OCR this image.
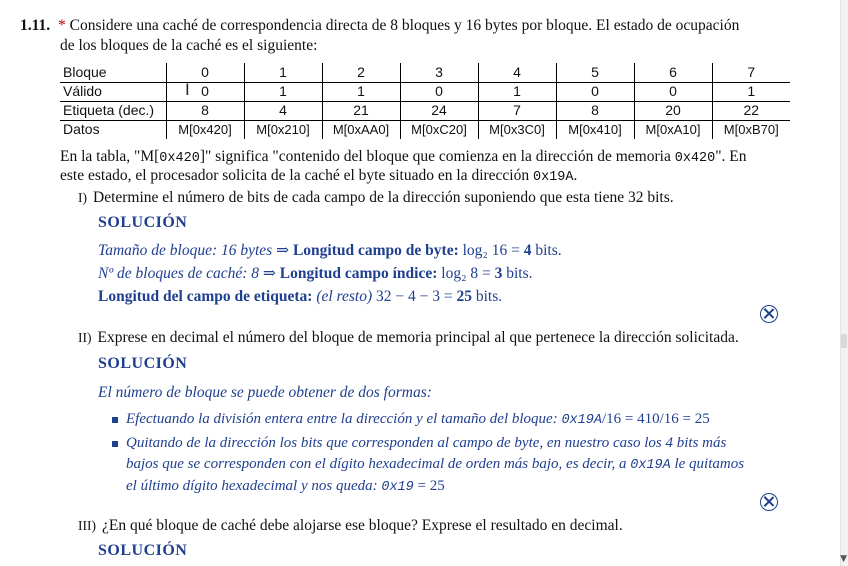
▼
1.11. * Considere una caché de correspondencia directa de 8 bloques y 16 bytes por bloque. El estado de ocupación
de los bloques de la caché es el siguiente:
Bloque	0	1	2	3	4	5	6	7
Válido	0	1	1	0	1	0	0	1
Etiqueta (dec.)	8	4	21	24	7	8	20	22
Datos	M[0x420]	M[0x210]	M[0xAA0]	M[0xC20]	M[0x3C0]	M[0x410]	M[0xA10]	M[0xB70]
I
En la tabla, "M[0x420]" significa "contenido del bloque que comienza en la dirección de memoria 0x420". En
este estado, el procesador solicita de la caché el byte situado en la dirección 0x19A.
I) Determine el número de bits de cada campo de la dirección suponiendo que esta tiene 32 bits.
SOLUCIÓN
Tamaño de bloque: 16 bytes ⇒ Longitud campo de byte: log₂ 16 = 4 bits.
Nº de bloques de caché: 8 ⇒ Longitud campo índice: log₂ 8 = 3 bits.
Longitud del campo de etiqueta: (el resto) 32 − 4 − 3 = 25 bits.
II) Exprese en decimal el número del bloque de memoria principal al que pertenece la dirección solicitada.
SOLUCIÓN
El número de bloque se puede obtener de dos formas:
Efectuando la división entera entre la dirección y el tamaño del bloque: 0x19A/16 = 410/16 = 25
Quitando de la dirección los bits que corresponden al campo de byte, en nuestro caso los 4 bits más
bajos que se corresponden con el dígito hexadecimal de orden más bajo, es decir, a 0x19A le quitamos
el último dígito hexadecimal y nos queda: 0x19 = 25
III) ¿En qué bloque de caché debe alojarse ese bloque? Exprese el resultado en decimal.
SOLUCIÓN
